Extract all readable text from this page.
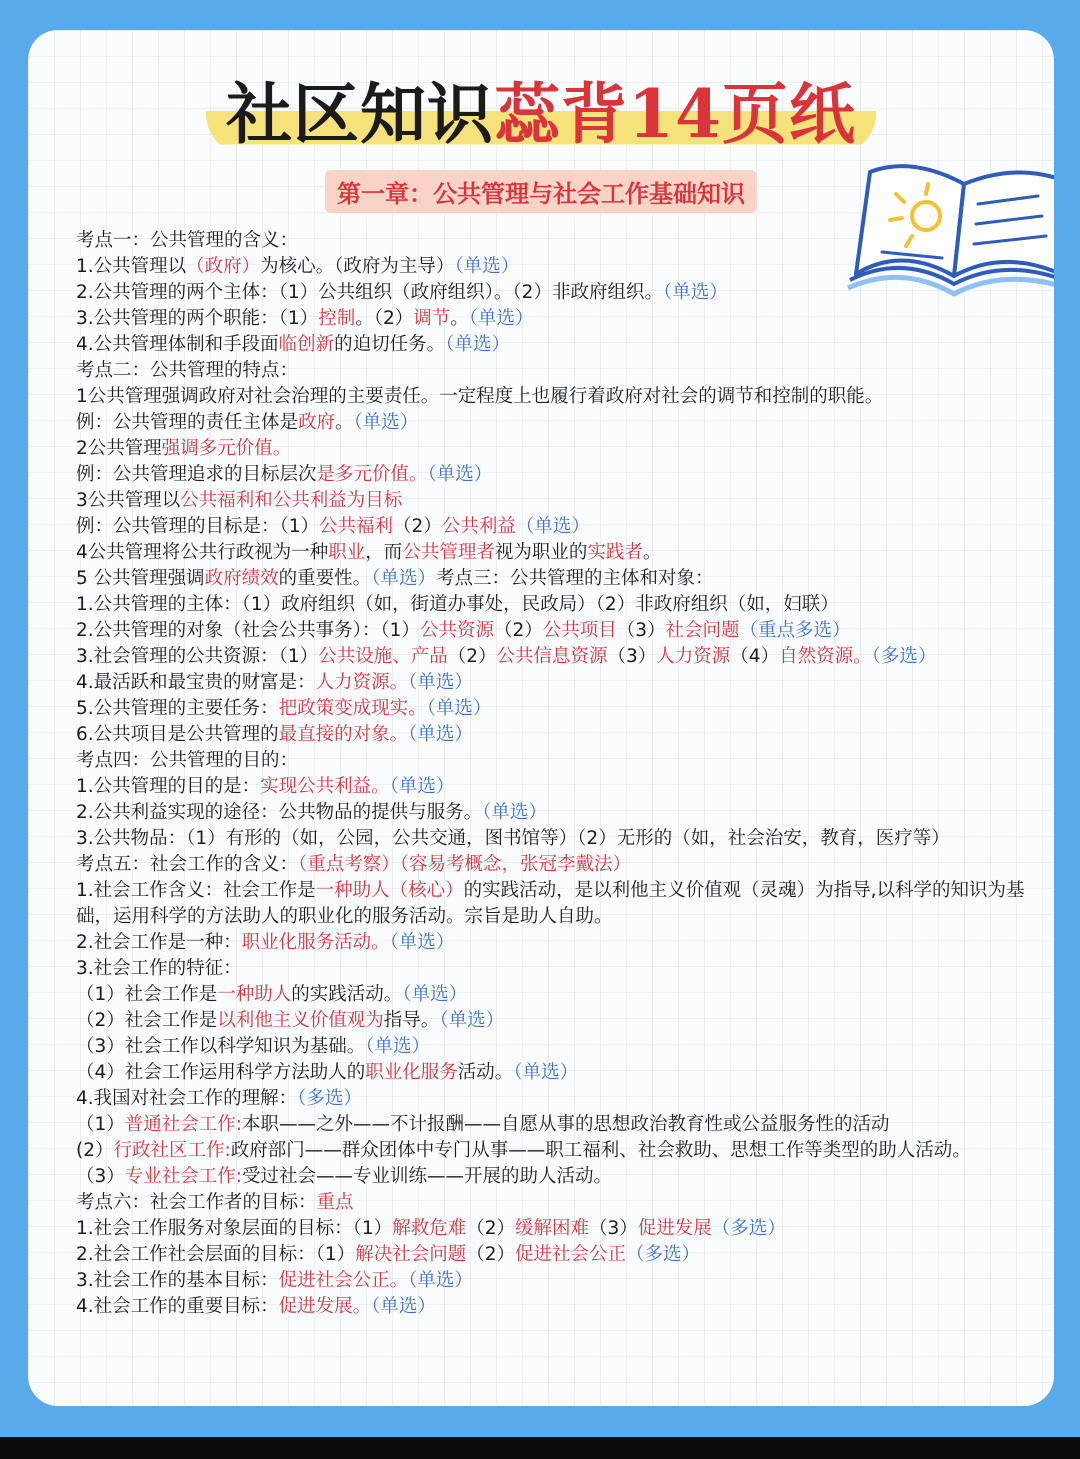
社区知识蕊背14页纸
第一章：公共管理与社会工作基础知识
考点一：公共管理的含义：
1.公共管理以（政府）为核心。（政府为主导）（单选）
2.公共管理的两个主体：（1）公共组织（政府组织）。（2）非政府组织。（单选）
3.公共管理的两个职能：（1）控制。（2）调节。（单选）
4.公共管理体制和手段面临创新的迫切任务。（单选）
考点二：公共管理的特点：
1公共管理强调政府对社会治理的主要责任。一定程度上也履行着政府对社会的调节和控制的职能。
例：公共管理的责任主体是政府。（单选）
2公共管理强调多元价值。
例：公共管理追求的目标层次是多元价值。（单选）
3公共管理以公共福利和公共利益为目标
例：公共管理的目标是：（1）公共福利（2）公共利益（单选）
4公共管理将公共行政视为一种职业，而公共管理者视为职业的实践者。
5 公共管理强调政府绩效的重要性。（单选）考点三：公共管理的主体和对象：
1.公共管理的主体：（1）政府组织（如，街道办事处，民政局）（2）非政府组织（如，妇联）
2.公共管理的对象（社会公共事务）：（1）公共资源（2）公共项目（3）社会问题（重点多选）
3.社会管理的公共资源：（1）公共设施、产品（2）公共信息资源（3）人力资源（4）自然资源。（多选）
4.最活跃和最宝贵的财富是：人力资源。（单选）
5.公共管理的主要任务：把政策变成现实。（单选）
6.公共项目是公共管理的最直接的对象。（单选）
考点四：公共管理的目的：
1.公共管理的目的是：实现公共利益。（单选）
2.公共利益实现的途径：公共物品的提供与服务。（单选）
3.公共物品：（1）有形的（如，公园，公共交通，图书馆等）（2）无形的（如，社会治安，教育，医疗等）
考点五：社会工作的含义：（重点考察）（容易考概念，张冠李戴法）
1.社会工作含义：社会工作是一种助人（核心）的实践活动，是以利他主义价值观（灵魂）为指导,以科学的知识为基础，运用科学的方法助人的职业化的服务活动。宗旨是助人自助。
2.社会工作是一种：职业化服务活动。（单选）
3.社会工作的特征：
（1）社会工作是一种助人的实践活动。（单选）
（2）社会工作是以利他主义价值观为指导。（单选）
（3）社会工作以科学知识为基础。（单选）
（4）社会工作运用科学方法助人的职业化服务活动。（单选）
4.我国对社会工作的理解：（多选）
（1）普通社会工作:本职——之外——不计报酬——自愿从事的思想政治教育性或公益服务性的活动
(2）行政社区工作:政府部门——群众团体中专门从事——职工福利、社会救助、思想工作等类型的助人活动。
（3）专业社会工作:受过社会——专业训练——开展的助人活动。
考点六：社会工作者的目标：重点
1.社会工作服务对象层面的目标：（1）解救危难（2）缓解困难（3）促进发展（多选）
2.社会工作社会层面的目标：（1）解决社会问题（2）促进社会公正（多选）
3.社会工作的基本目标：促进社会公正。（单选）
4.社会工作的重要目标：促进发展。（单选）
